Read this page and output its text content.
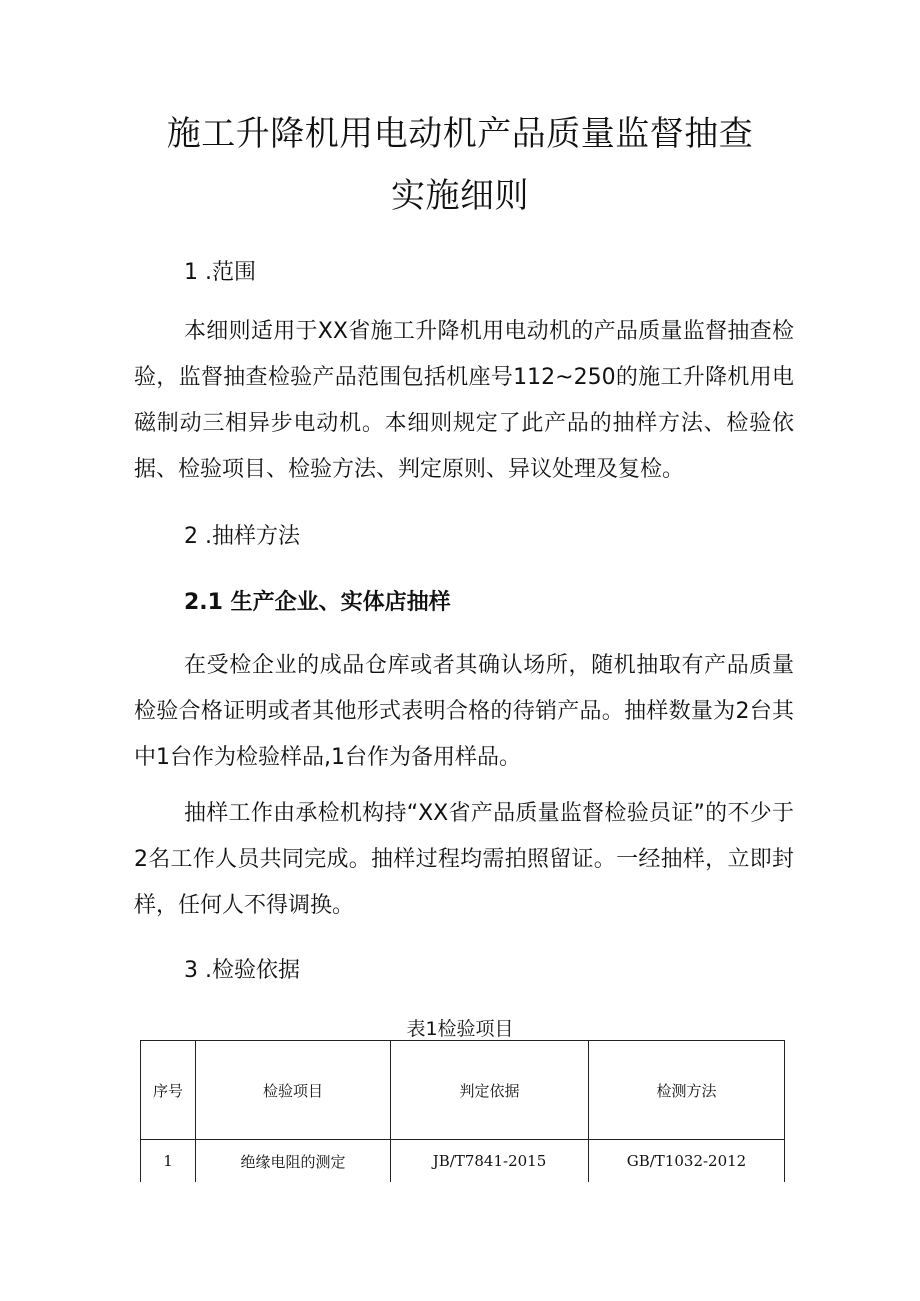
施工升降机用电动机产品质量监督抽查
实施细则
1 .范围

本细则适用于XX省施工升降机用电动机的产品质量监督抽查检验，监督抽查检验产品范围包括机座号112~250的施工升降机用电磁制动三相异步电动机。本细则规定了此产品的抽样方法、检验依据、检验项目、检验方法、判定原则、异议处理及复检。

2 .抽样方法
2.1 生产企业、实体店抽样

在受检企业的成品仓库或者其确认场所，随机抽取有产品质量检验合格证明或者其他形式表明合格的待销产品。抽样数量为2台其中1台作为检验样品,1台作为备用样品。

抽样工作由承检机构持“XX省产品质量监督检验员证”的不少于2名工作人员共同完成。抽样过程均需拍照留证。一经抽样，立即封样，任何人不得调换。

3 .检验依据
表1检验项目
序号	检验项目	判定依据	检测方法
1	绝缘电阻的测定	JB/T7841-2015	GB/T1032-2012
